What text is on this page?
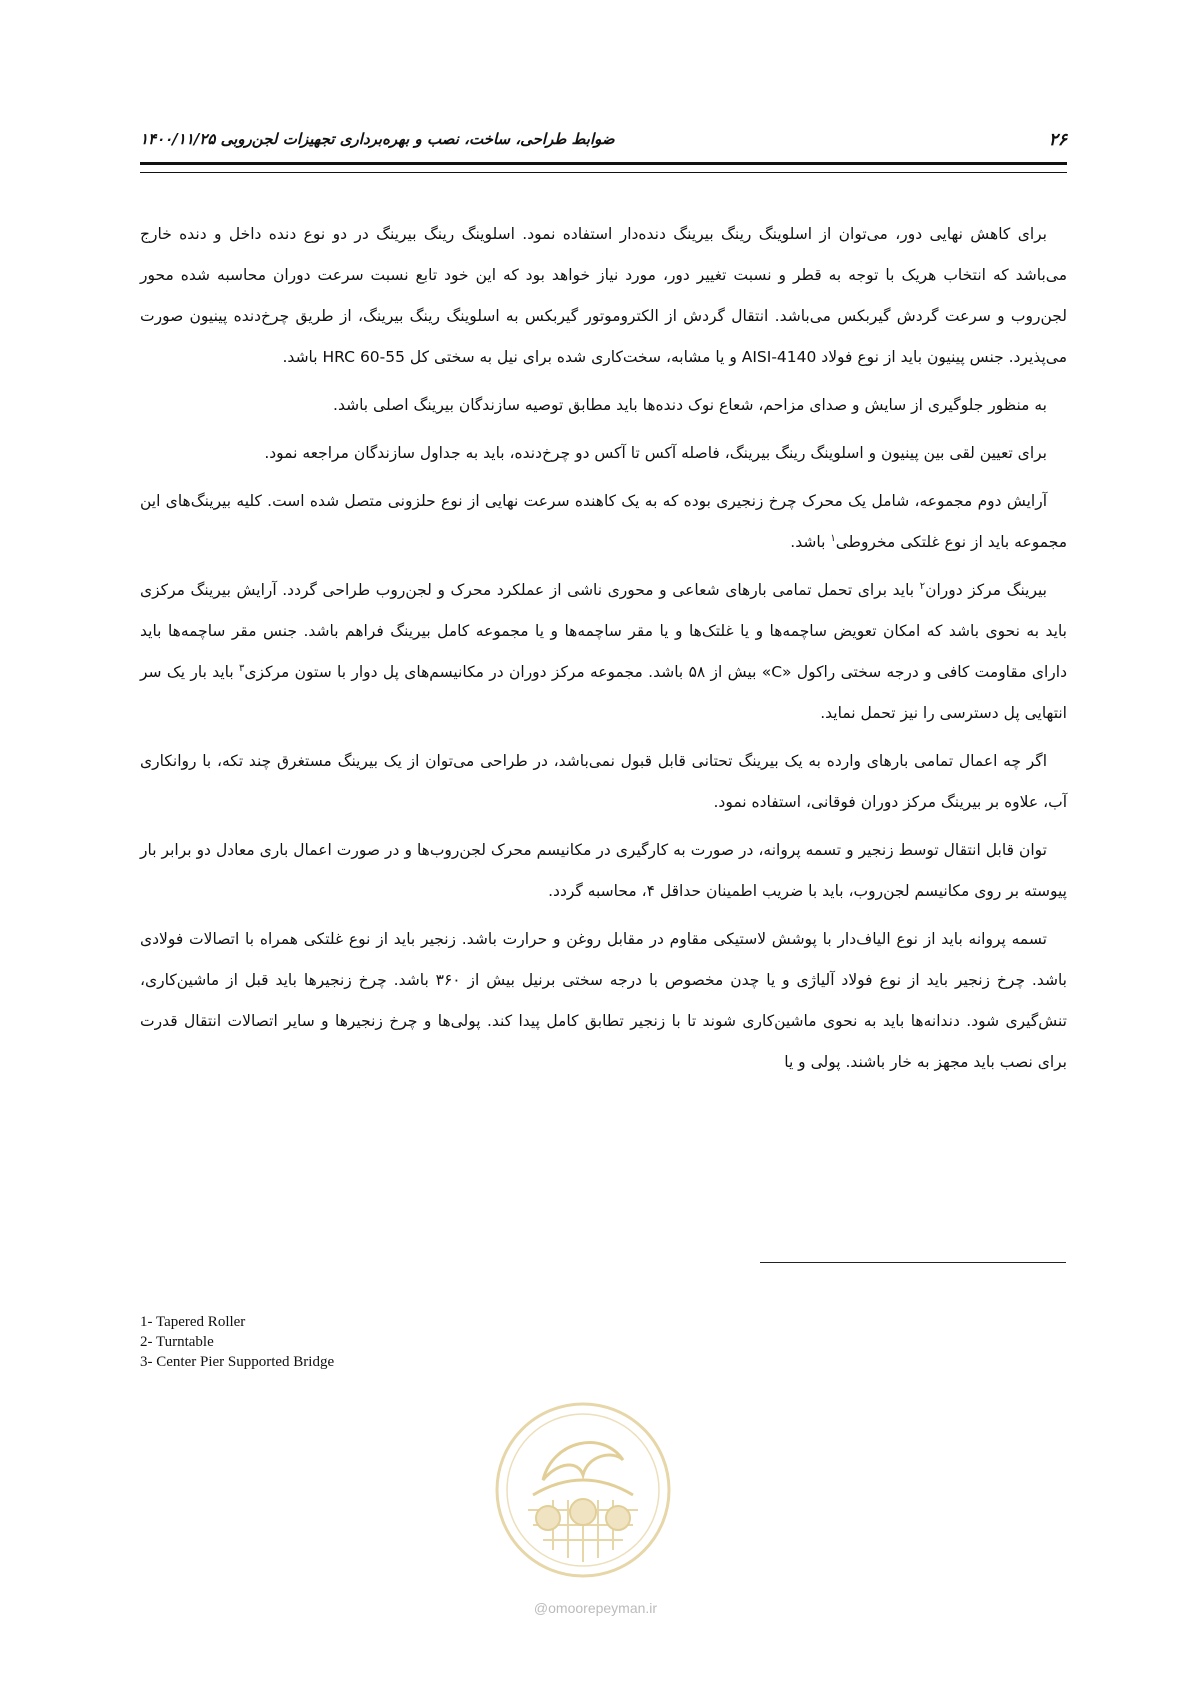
۲۶
ضوابط طراحی، ساخت، نصب و بهره‌برداری تجهیزات لجن‌روبی ۱۴۰۰/۱۱/۲۵

برای کاهش نهایی دور، می‌توان از اسلوینگ رینگ بیرینگ دنده‌دار استفاده نمود. اسلوینگ رینگ بیرینگ در دو نوع دنده داخل و دنده خارج می‌باشد که انتخاب هریک با توجه به قطر و نسبت تغییر دور، مورد نیاز خواهد بود که این خود تابع نسبت سرعت دوران محاسبه شده محور لجن‌روب و سرعت گردش گیربکس می‌باشد. انتقال گردش از الکتروموتور گیربکس به اسلوینگ رینگ بیرینگ، از طریق چرخ‌دنده پینیون صورت می‌پذیرد. جنس پینیون باید از نوع فولاد AISI-4140 و یا مشابه، سخت‌کاری شده برای نیل به سختی کل 55-60 HRC باشد.

به منظور جلوگیری از سایش و صدای مزاحم، شعاع نوک دنده‌ها باید مطابق توصیه سازندگان بیرینگ اصلی باشد.

برای تعیین لقی بین پینیون و اسلوینگ رینگ بیرینگ، فاصله آکس تا آکس دو چرخ‌دنده، باید به جداول سازندگان مراجعه نمود.

آرایش دوم مجموعه، شامل یک محرک چرخ زنجیری بوده که به یک کاهنده سرعت نهایی از نوع حلزونی متصل شده است. کلیه بیرینگ‌های این مجموعه باید از نوع غلتکی مخروطی$^۱$ باشد.

بیرینگ مرکز دوران$^۲$ باید برای تحمل تمامی بارهای شعاعی و محوری ناشی از عملکرد محرک و لجن‌روب طراحی گردد. آرایش بیرینگ مرکزی باید به نحوی باشد که امکان تعویض ساچمه‌ها و یا غلتک‌ها و یا مقر ساچمه‌ها و یا مجموعه کامل بیرینگ فراهم باشد. جنس مقر ساچمه‌ها باید دارای مقاومت کافی و درجه سختی راکول «C» بیش از ۵۸ باشد. مجموعه مرکز دوران در مکانیسم‌های پل دوار با ستون مرکزی$^۳$ باید بار یک سر انتهایی پل دسترسی را نیز تحمل نماید.

اگر چه اعمال تمامی بارهای وارده به یک بیرینگ تحتانی قابل قبول نمی‌باشد، در طراحی می‌توان از یک بیرینگ مستغرق چند تکه، با روانکاری آب، علاوه بر بیرینگ مرکز دوران فوقانی، استفاده نمود.

توان قابل انتقال توسط زنجیر و تسمه پروانه، در صورت به کارگیری در مکانیسم محرک لجن‌روب‌ها و در صورت اعمال باری معادل دو برابر بار پیوسته بر روی مکانیسم لجن‌روب، باید با ضریب اطمینان حداقل ۴، محاسبه گردد.

تسمه پروانه باید از نوع الیاف‌دار با پوشش لاستیکی مقاوم در مقابل روغن و حرارت باشد. زنجیر باید از نوع غلتکی همراه با اتصالات فولادی باشد. چرخ زنجیر باید از نوع فولاد آلیاژی و یا چدن مخصوص با درجه سختی برنیل بیش از ۳۶۰ باشد. چرخ زنجیرها باید قبل از ماشین‌کاری، تنش‌گیری شود. دندانه‌ها باید به نحوی ماشین‌کاری شوند تا با زنجیر تطابق کامل پیدا کند. پولی‌ها و چرخ زنجیرها و سایر اتصالات انتقال قدرت برای نصب باید مجهز به خار باشند. پولی و یا

1- Tapered Roller
2- Turntable
3- Center Pier Supported Bridge
@omoorepeyman.ir
